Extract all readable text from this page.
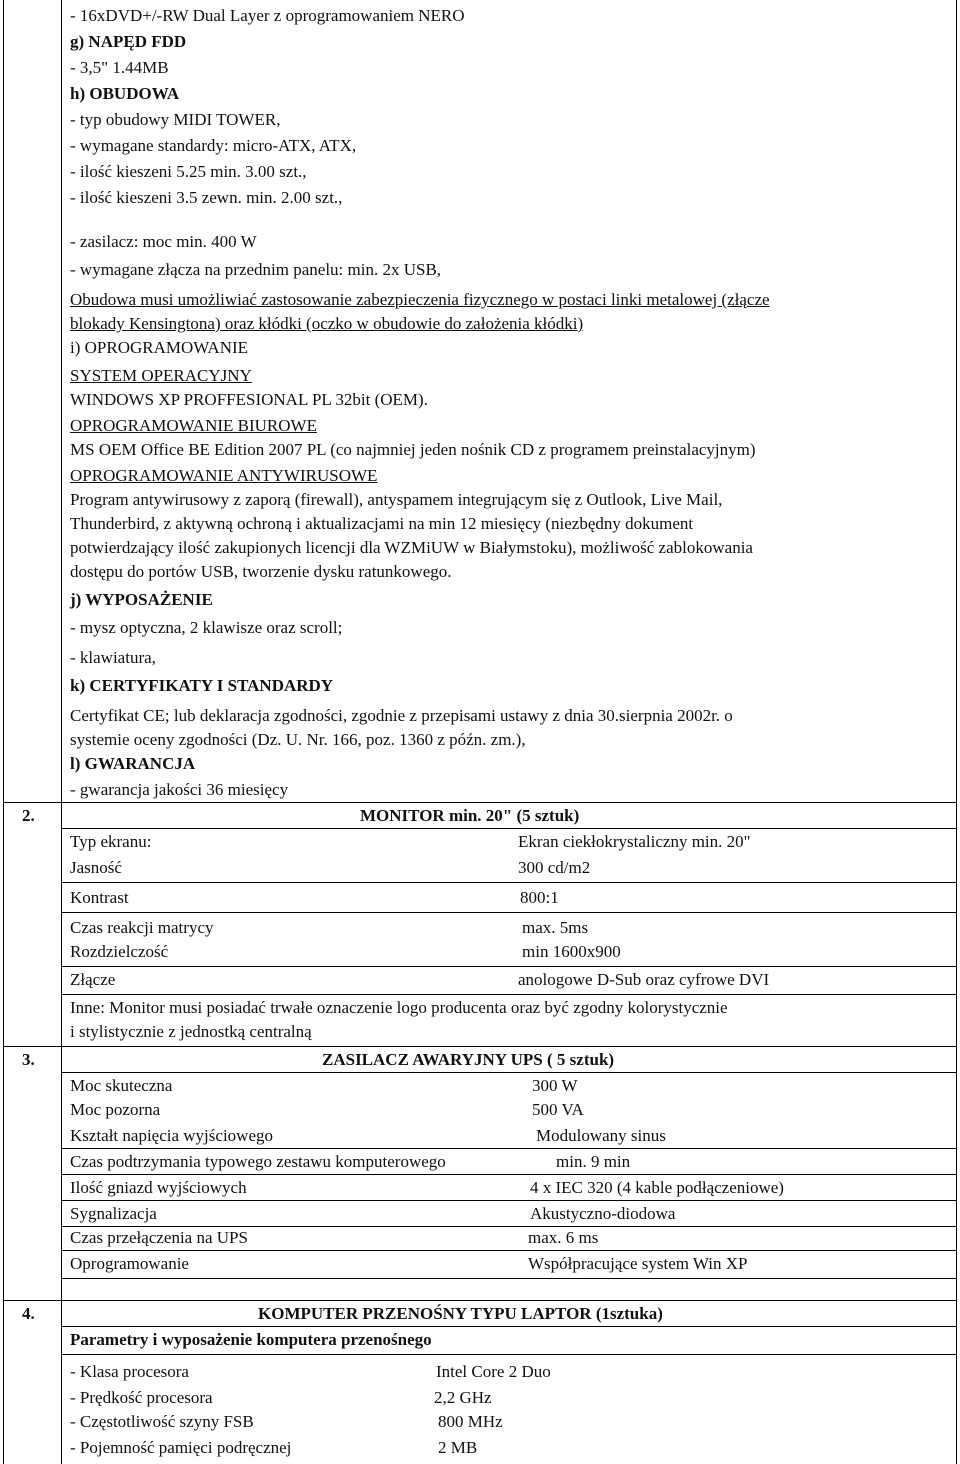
- 16xDVD+/-RW Dual Layer z oprogramowaniem NERO
g) NAPĘD FDD
- 3,5" 1.44MB
h) OBUDOWA
- typ obudowy MIDI TOWER,
- wymagane standardy: micro-ATX, ATX,
- ilość kieszeni 5.25 min. 3.00 szt.,
- ilość kieszeni 3.5 zewn. min. 2.00 szt.,
- zasilacz: moc min. 400 W
- wymagane złącza na przednim panelu: min. 2x USB,
Obudowa musi umożliwiać zastosowanie zabezpieczenia fizycznego w postaci linki metalowej (złącze
blokady Kensingtona) oraz kłódki (oczko w obudowie do założenia kłódki)
i) OPROGRAMOWANIE
SYSTEM OPERACYJNY
WINDOWS XP PROFFESIONAL PL 32bit (OEM).
OPROGRAMOWANIE BIUROWE
MS OEM Office BE Edition 2007 PL (co najmniej jeden nośnik CD z programem preinstalacyjnym)
OPROGRAMOWANIE ANTYWIRUSOWE
Program antywirusowy z zaporą (firewall), antyspamem integrującym się z Outlook, Live Mail,
Thunderbird, z aktywną ochroną i aktualizacjami na min 12 miesięcy (niezbędny dokument
potwierdzający ilość zakupionych licencji dla WZMiUW w Białymstoku), możliwość zablokowania
dostępu do portów USB, tworzenie dysku ratunkowego.
j) WYPOSAŻENIE
- mysz optyczna, 2 klawisze oraz scroll;
- klawiatura,
k) CERTYFIKATY I STANDARDY
Certyfikat CE; lub deklaracja zgodności, zgodnie z przepisami ustawy z dnia 30.sierpnia 2002r. o
systemie oceny zgodności (Dz. U. Nr. 166, poz. 1360 z późn. zm.),
l) GWARANCJA
- gwarancja jakości 36 miesięcy
2.	MONITOR min. 20" (5 sztuk)
Typ ekranu:	Ekran ciekłokrystaliczny min. 20"
Jasność	300 cd/m2
Kontrast	800:1
Czas reakcji matrycy	max. 5ms
Rozdzielczość	min 1600x900
Złącze	anologowe D-Sub oraz cyfrowe DVI
Inne: Monitor musi posiadać trwałe oznaczenie logo producenta oraz być zgodny kolorystycznie
i stylistycznie z jednostką centralną
3.	ZASILACZ AWARYJNY UPS ( 5 sztuk)
Moc skuteczna	300 W
Moc pozorna	500 VA
Kształt napięcia wyjściowego	Modulowany sinus
Czas podtrzymania typowego zestawu komputerowego	min. 9 min
Ilość gniazd wyjściowych	4 x IEC 320 (4 kable podłączeniowe)
Sygnalizacja	Akustyczno-diodowa
Czas przełączenia na UPS	max. 6 ms
Oprogramowanie	Współpracujące system Win XP
4.	KOMPUTER PRZENOŚNY TYPU LAPTOR (1sztuka)
Parametry i wyposażenie komputera przenośnego
- Klasa procesora	Intel Core 2 Duo
- Prędkość procesora	2,2 GHz
- Częstotliwość szyny FSB	800 MHz
- Pojemność pamięci podręcznej	2 MB
